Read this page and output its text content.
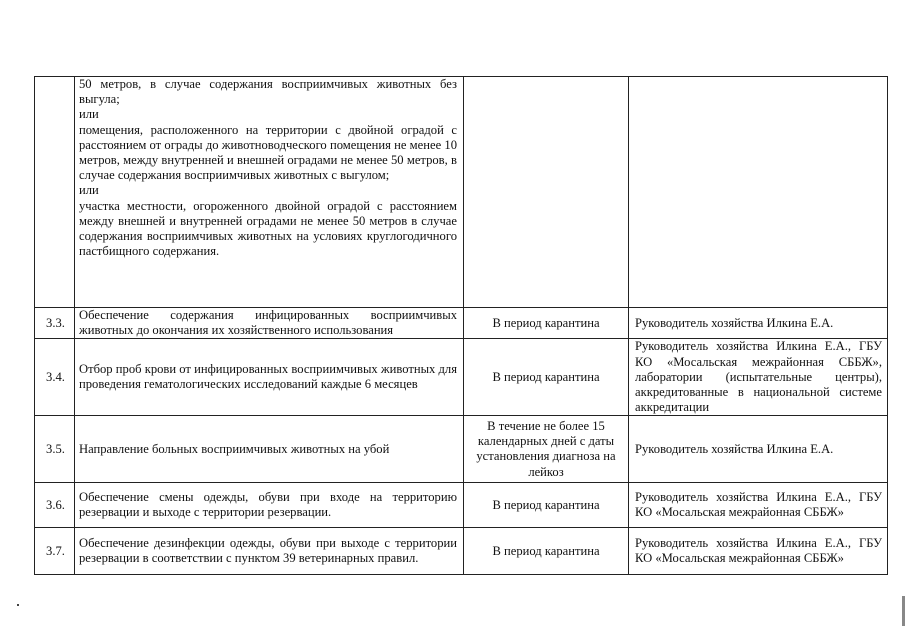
	50 метров, в случае содержания восприимчивых животных без выгула;

или

помещения, расположенного на территории с двойной оградой с расстоянием от ограды до животноводческого помещения не менее 10 метров, между внутренней и внешней оградами не менее 50 метров, в случае содержания восприимчивых животных с выгулом;

или

участка местности, огороженного двойной оградой с расстоянием между внешней и внутренней оградами не менее 50 метров в случае содержания восприимчивых животных на условиях круглогодичного пастбищного содержания.		

3.3.	Обеспечение содержания инфицированных восприимчивых животных до окончания их хозяйственного использования	В период карантина	Руководитель хозяйства Илкина Е.А.
3.4.	Отбор проб крови от инфицированных восприимчивых животных для проведения гематологических исследований каждые 6 месяцев	В период карантина	Руководитель хозяйства Илкина Е.А., ГБУ КО «Мосальская межрайонная СББЖ», лаборатории (испытательные центры), аккредитованные в национальной системе аккредитации
3.5.	Направление больных восприимчивых животных на убой	В течение не более 15 календарных дней с даты установления диагноза на лейкоз	Руководитель хозяйства Илкина Е.А.
3.6.	Обеспечение смены одежды, обуви при входе на территорию резервации и выходе с территории резервации.	В период карантина	Руководитель хозяйства Илкина Е.А., ГБУ КО «Мосальская межрайонная СББЖ»
3.7.	Обеспечение дезинфекции одежды, обуви при выходе с территории резервации в соответствии с пунктом 39 ветеринарных правил.	В период карантина	Руководитель хозяйства Илкина Е.А., ГБУ КО «Мосальская межрайонная СББЖ»
